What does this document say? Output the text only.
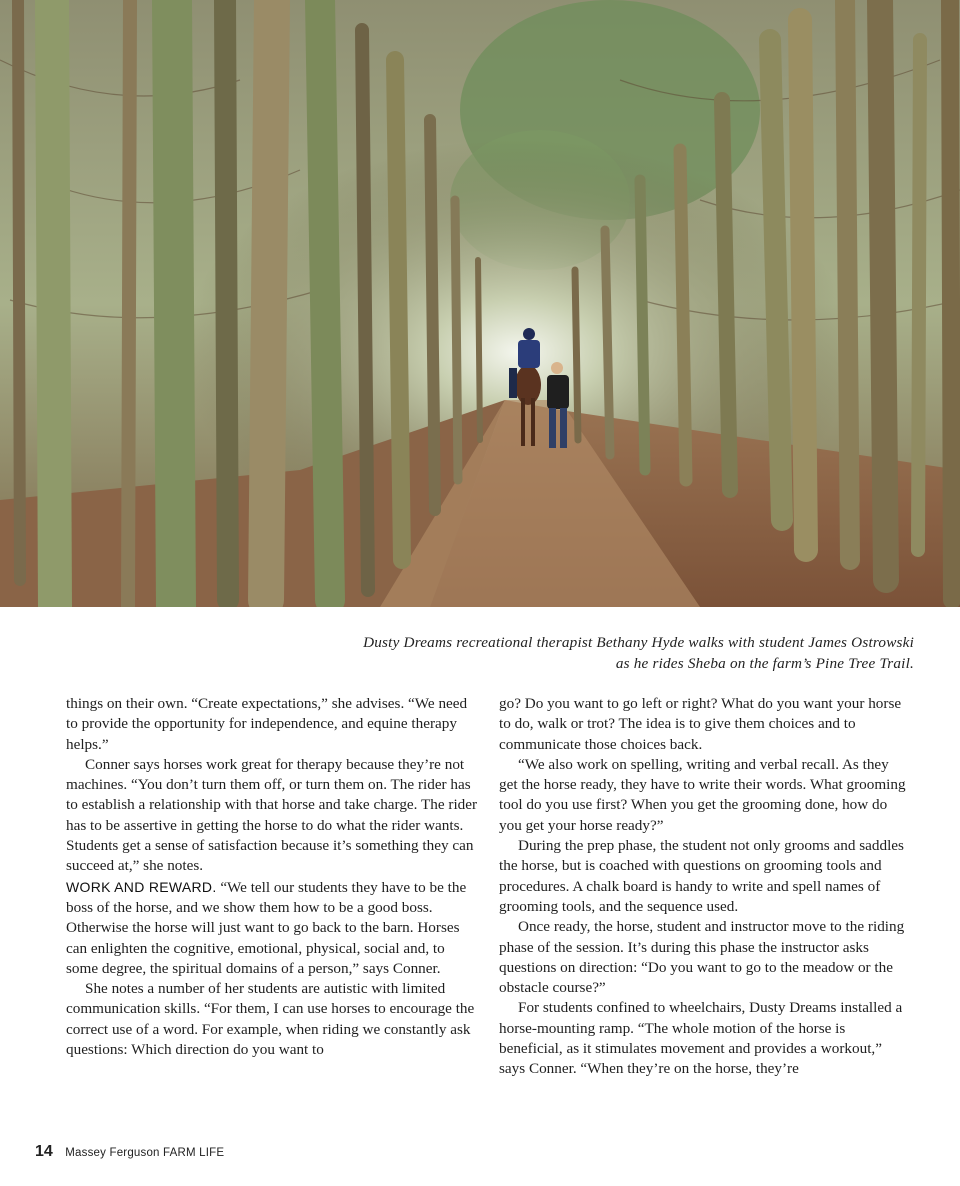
Dusty Dreams recreational therapist Bethany Hyde walks with student James Ostrowski
as he rides Sheba on the farm’s Pine Tree Trail.

things on their own. “Create expectations,” she advises. “We need to provide the opportunity for independence, and equine therapy helps.”

Conner says horses work great for therapy because they’re not machines. “You don’t turn them off, or turn them on. The rider has to establish a relationship with that horse and take charge. The rider has to be assertive in getting the horse to do what the rider wants. Students get a sense of satisfaction because it’s something they can succeed at,” she notes.

WORK AND REWARD. “We tell our students they have to be the boss of the horse, and we show them how to be a good boss. Otherwise the horse will just want to go back to the barn. Horses can enlighten the cognitive, emotional, physical, social and, to some degree, the spiritual domains of a person,” says Conner.

She notes a number of her students are autistic with limited communication skills. “For them, I can use horses to encourage the correct use of a word. For example, when riding we constantly ask questions: Which direction do you want to

go? Do you want to go left or right? What do you want your horse to do, walk or trot? The idea is to give them choices and to communicate those choices back.

“We also work on spelling, writing and verbal recall. As they get the horse ready, they have to write their words. What grooming tool do you use first? When you get the grooming done, how do you get your horse ready?”

During the prep phase, the student not only grooms and saddles the horse, but is coached with questions on grooming tools and procedures. A chalk board is handy to write and spell names of grooming tools, and the sequence used.

Once ready, the horse, student and instructor move to the riding phase of the session. It’s during this phase the instructor asks questions on direction: “Do you want to go to the meadow or the obstacle course?”

For students confined to wheelchairs, Dusty Dreams installed a horse-mounting ramp. “The whole motion of the horse is beneficial, as it stimulates movement and provides a workout,” says Conner. “When they’re on the horse, they’re

14 Massey Ferguson FARM LIFE
